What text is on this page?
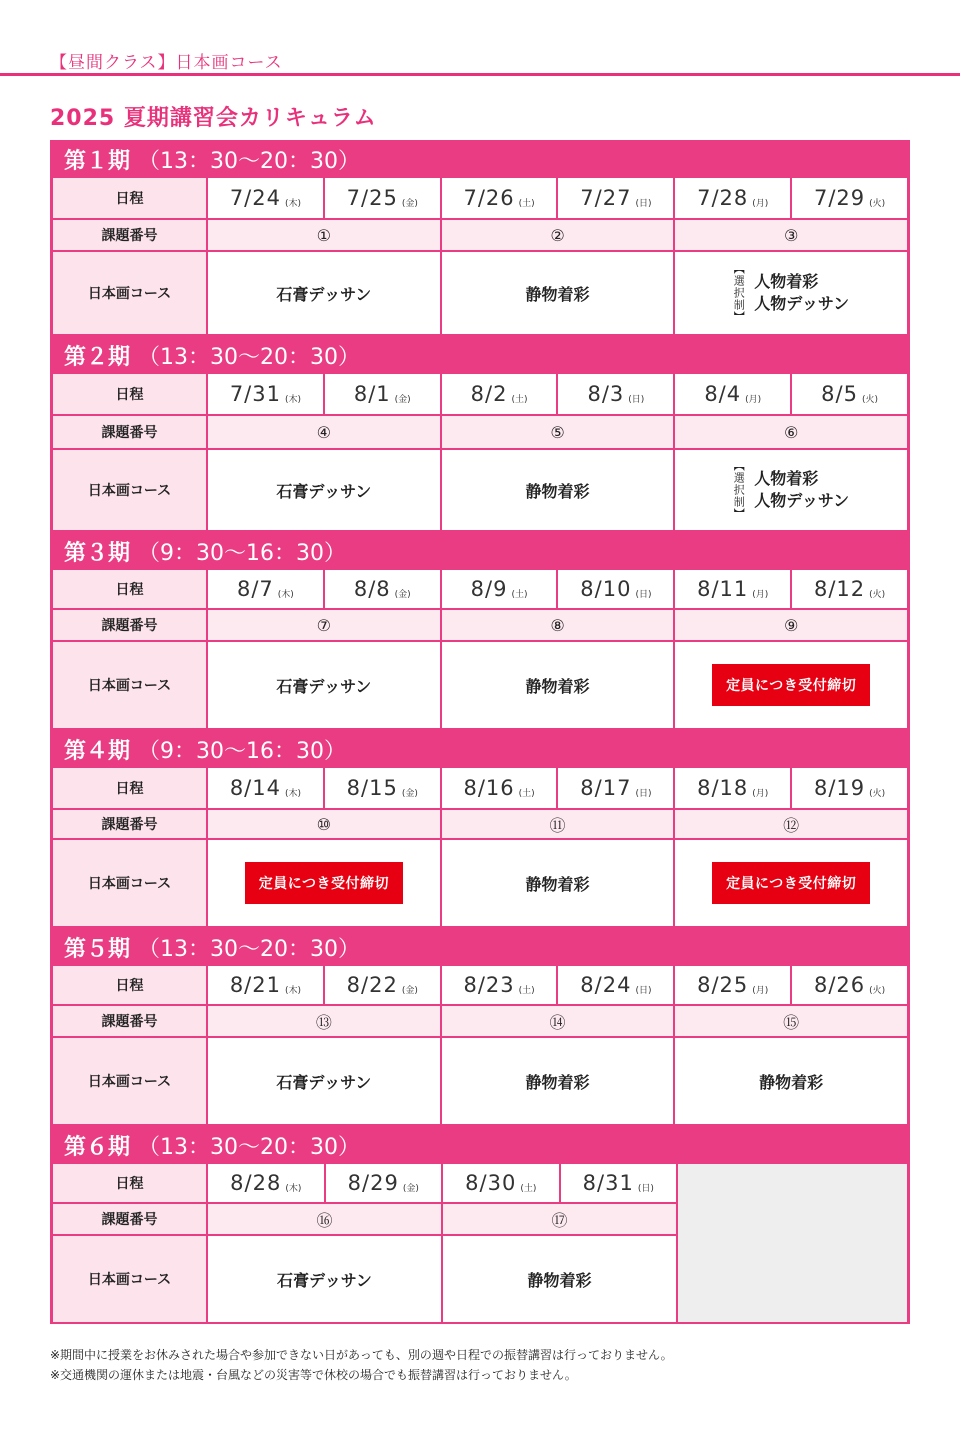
【昼間クラス】日本画コース
2025 夏期講習会カリキュラム
第１期 （13：30〜20：30）
日程	7/24 (木) 7/25 (金) 7/26 (土) 7/27 (日) 7/28 (月) 7/29 (火)
課題番号	①	②	③
日本画コース	石膏デッサン	静物着彩	【選択制】 人物着彩
人物デッサン
第２期 （13：30〜20：30）
日程	7/31 (木)	8/1 (金)	8/2 (土)	8/3 (日)	8/4 (月)	8/5 (火)
課題番号	④	⑤	⑥
日本画コース	石膏デッサン	静物着彩	【選択制】 人物着彩
人物デッサン
第３期 （9：30〜16：30）
日程	8/7 (木)	8/8 (金)	8/9 (土)	8/10 (日) 8/11 (月) 8/12 (火)
課題番号	⑦	⑧	⑨
日本画コース	石膏デッサン	静物着彩	定員につき受付締切
第４期 （9：30〜16：30）
日程	8/14 (木) 8/15 (金) 8/16 (土) 8/17 (日) 8/18 (月) 8/19 (火)
課題番号	⑩	⑪	⑫
日本画コース	定員につき受付締切	静物着彩	定員につき受付締切
第５期 （13：30〜20：30）
日程	8/21 (木) 8/22 (金) 8/23 (土) 8/24 (日) 8/25 (月) 8/26 (火)
課題番号	⑬	⑭	⑮
日本画コース	石膏デッサン	静物着彩	静物着彩
第６期 （13：30〜20：30）
日程	8/28 (木) 8/29 (金) 8/30 (土) 8/31 (日)
課題番号	⑯	⑰
日本画コース	石膏デッサン	静物着彩
※期間中に授業をお休みされた場合や参加できない日があっても、別の週や日程での振替講習は行っておりません。
※交通機関の運休または地震・台風などの災害等で休校の場合でも振替講習は行っておりません。
